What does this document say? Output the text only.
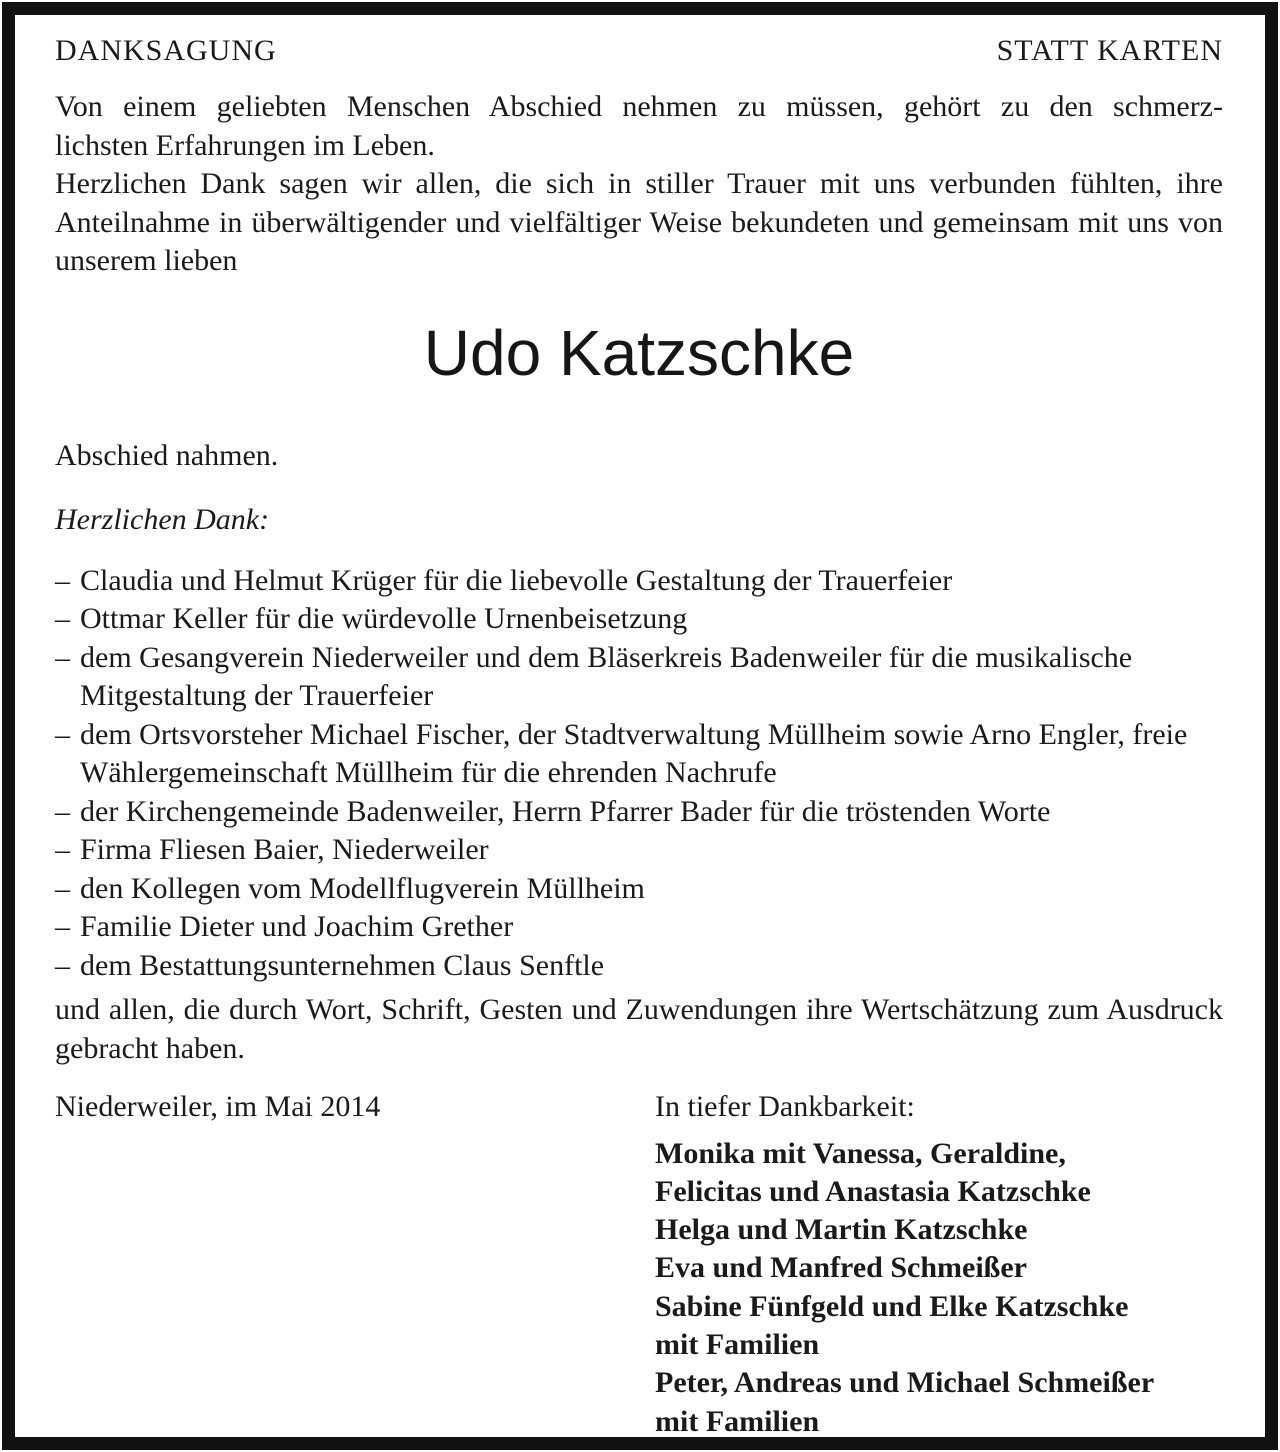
DANKSAGUNG	STATT KARTEN

Von einem geliebten Menschen Abschied nehmen zu müssen, gehört zu den schmerz-

lichsten Erfahrungen im Leben.

Herzlichen Dank sagen wir allen, die sich in stiller Trauer mit uns verbunden fühlten, ihre Anteilnahme in überwältigender und vielfältiger Weise bekundeten und gemeinsam mit uns von unserem lieben

Udo Katzschke

Abschied nahmen.

Herzlichen Dank:

– Claudia und Helmut Krüger für die liebevolle Gestaltung der Trauerfeier
– Ottmar Keller für die würdevolle Urnenbeisetzung
– dem Gesangverein Niederweiler und dem Bläserkreis Badenweiler für die musikalische Mitgestaltung der Trauerfeier
– dem Ortsvorsteher Michael Fischer, der Stadtverwaltung Müllheim sowie Arno Engler, freie Wählergemeinschaft Müllheim für die ehrenden Nachrufe
– der Kirchengemeinde Badenweiler, Herrn Pfarrer Bader für die tröstenden Worte
– Firma Fliesen Baier, Niederweiler
– den Kollegen vom Modellflugverein Müllheim
– Familie Dieter und Joachim Grether
– dem Bestattungsunternehmen Claus Senftle

und allen, die durch Wort, Schrift, Gesten und Zuwendungen ihre Wertschätzung zum Ausdruck gebracht haben.

Niederweiler, im Mai 2014	In tiefer Dankbarkeit:
Monika mit Vanessa, Geraldine,
Felicitas und Anastasia Katzschke
Helga und Martin Katzschke
Eva und Manfred Schmeißer
Sabine Fünfgeld und Elke Katzschke
mit Familien
Peter, Andreas und Michael Schmeißer
mit Familien
